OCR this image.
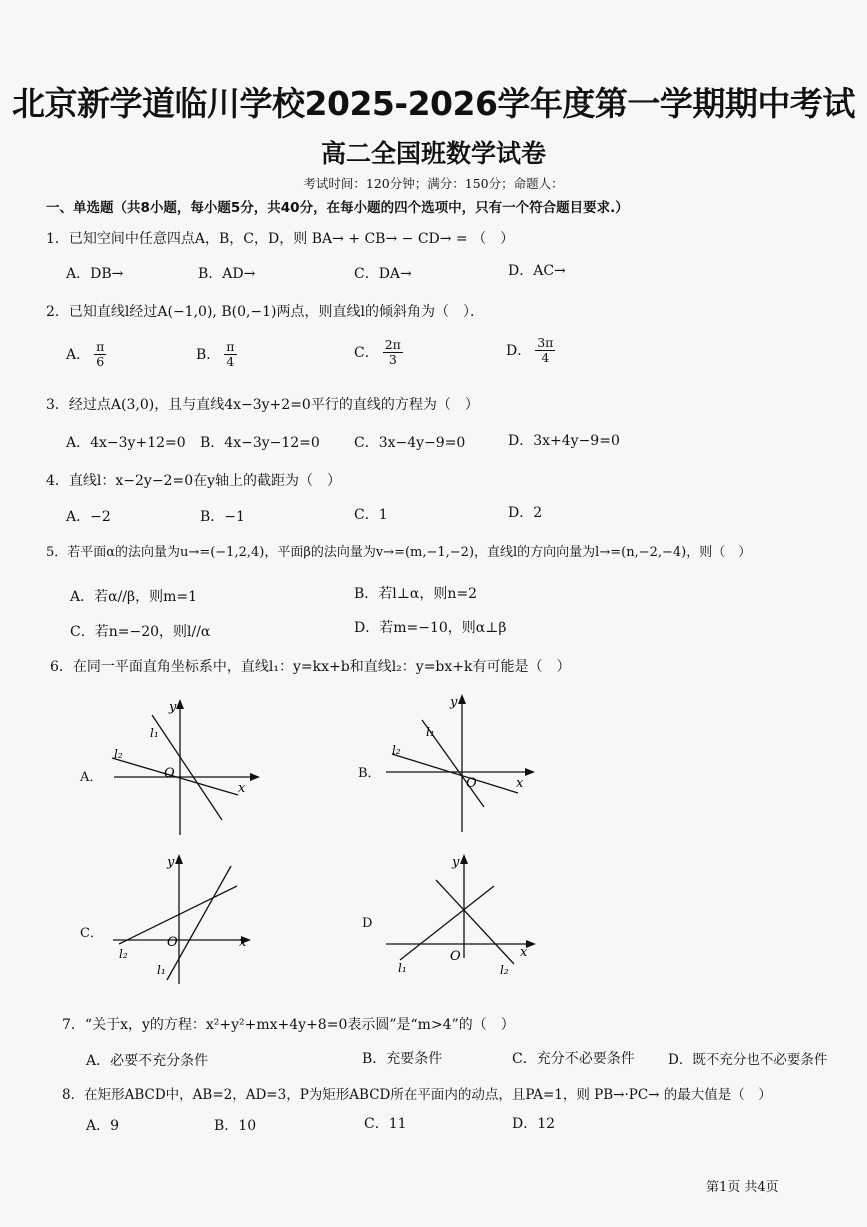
北京新学道临川学校2025-2026学年度第一学期期中考试
高二全国班数学试卷
考试时间：120分钟；满分：150分；命题人：
一、单选题（共8小题，每小题5分，共40分，在每小题的四个选项中，只有一个符合题目要求.）
1．已知空间中任意四点A，B，C，D，则 BA→ + CB→ − CD→ = （　）
A．DB→	B．AD→	C．DA→	D．AC→
2．已知直线l经过A(−1,0), B(0,−1)两点，则直线l的倾斜角为（　）．
A． $\frac{\pi}{6}$	B． $\frac{\pi}{4}$	C． $\frac{2\pi}{3}$	D． $\frac{3\pi}{4}$
3．经过点A(3,0)，且与直线4x−3y+2=0平行的直线的方程为（　）
A．4x−3y+12=0 B．4x−3y−12=0 C．3x−4y−9=0	D．3x+4y−9=0
4．直线l：x−2y−2=0在y轴上的截距为（　）
A．−2	B．−1	C．1	D．2
5．若平面α的法向量为u→=(−1,2,4)，平面β的法向量为v→=(m,−1,−2)，直线l的方向向量为l→=(n,−2,−4)，则（　）
A．若α//β，则m=1	B．若l⊥α，则n=2
C．若n=−20，则l//α	D．若m=−10，则α⊥β
6．在同一平面直角坐标系中，直线l₁：y=kx+b和直线l₂：y=bx+k有可能是（　）
A．
y
x
O
l₁
l₂
B．
y
x
O
l₁
l₂
C．
y
x
O
l₁
l₂
D
y
x
O
l₁	l₂
7．“关于x，y的方程：x²+y²+mx+4y+8=0表示圆”是“m>4”的（　）
A．必要不充分条件	B．充要条件	C．充分不必要条件 D．既不充分也不必要条件
8．在矩形ABCD中，AB=2，AD=3，P为矩形ABCD所在平面内的动点，且PA=1，则 PB→·PC→ 的最大值是（　）
A．9	B．10	C．11	D．12
第1页 共4页
